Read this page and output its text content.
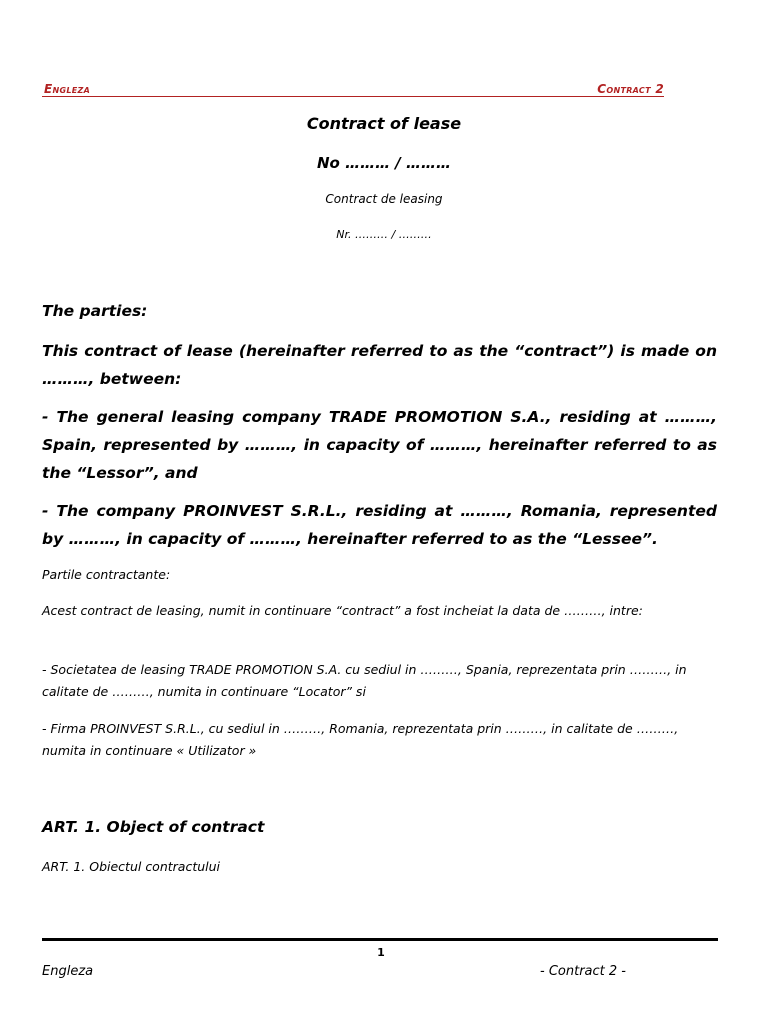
Engleza	Contract 2
Contract of lease
No ……… / ………
Contract de leasing
Nr. ……… / ………

The parties:

This contract of lease (hereinafter referred to as the “contract”) is made on ………, between:

- The general leasing company TRADE PROMOTION S.A., residing at ………, Spain, represented by ………, in capacity of ………, hereinafter referred to as the “Lessor”, and

- The company PROINVEST S.R.L., residing at ………, Romania, represented by ………, in capacity of ………, hereinafter referred to as the “Lessee”.

Partile contractante:

Acest contract de leasing, numit in continuare “contract” a fost incheiat la data de ………, intre:

- Societatea de leasing TRADE PROMOTION S.A. cu sediul in ………, Spania, reprezentata prin ………, in calitate de ………, numita in continuare “Locator” si

- Firma PROINVEST S.R.L., cu sediul in ………, Romania, reprezentata prin ………, in calitate de ………, numita in continuare « Utilizator »

ART. 1. Object of contract

ART. 1. Obiectul contractului

1
Engleza	- Contract 2 -
